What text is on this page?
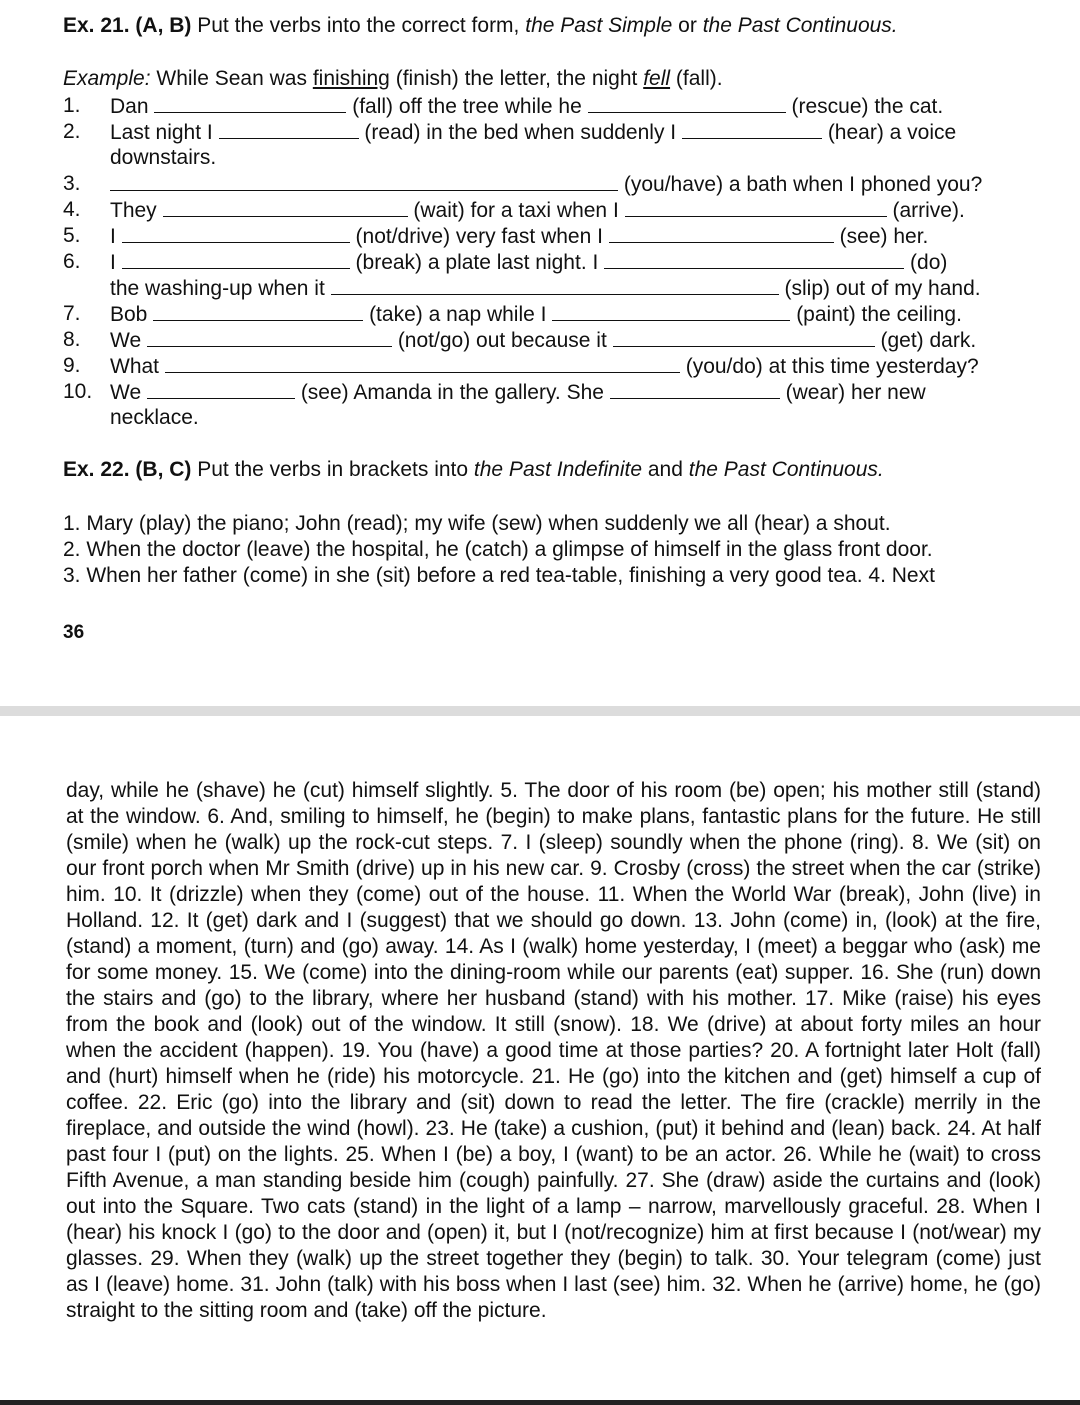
Ex. 21. (A, B) Put the verbs into the correct form, the Past Simple or the Past Continuous.
Example: While Sean was finishing (finish) the letter, the night fell (fall).
1. Dan	(fall) off the tree while he	(rescue) the cat.
2. Last night I	(read) in the bed when suddenly I	(hear) a voice
downstairs.
3.	(you/have) a bath when I phoned you?
4. They	(wait) for a taxi when I	(arrive).
5. I	(not/drive) very fast when I	(see) her.
6. I	(break) a plate last night. I	(do)
the washing-up when it	(slip) out of my hand.
7. Bob	(take) a nap while I	(paint) the ceiling.
8. We	(not/go) out because it	(get) dark.
9. What	(you/do) at this time yesterday?
10. We	(see) Amanda in the gallery. She	(wear) her new
necklace.
Ex. 22. (B, C) Put the verbs in brackets into the Past Indefinite and the Past Continuous.
1. Mary (play) the piano; John (read); my wife (sew) when suddenly we all (hear) a shout.
2. When the doctor (leave) the hospital, he (catch) a glimpse of himself in the glass front door.
3. When her father (come) in she (sit) before a red tea-table, finishing a very good tea. 4. Next
36

day, while he (shave) he (cut) himself slightly. 5. The door of his room (be) open; his mother still (stand) at the window. 6. And, smiling to himself, he (begin) to make plans, fantastic plans for the future. He still (smile) when he (walk) up the rock-cut steps. 7. I (sleep) soundly when the phone (ring). 8. We (sit) on our front porch when Mr Smith (drive) up in his new car. 9. Crosby (cross) the street when the car (strike) him. 10. It (drizzle) when they (come) out of the house. 11. When the World War (break), John (live) in Holland. 12. It (get) dark and I (suggest) that we should go down. 13. John (come) in, (look) at the fire, (stand) a moment, (turn) and (go) away. 14. As I (walk) home yesterday, I (meet) a beggar who (ask) me for some money. 15. We (come) into the dining-room while our parents (eat) supper. 16. She (run) down the stairs and (go) to the library, where her husband (stand) with his mother. 17. Mike (raise) his eyes from the book and (look) out of the window. It still (snow). 18. We (drive) at about forty miles an hour when the accident (happen). 19. You (have) a good time at those parties? 20. A fortnight later Holt (fall) and (hurt) himself when he (ride) his motorcycle. 21. He (go) into the kitchen and (get) himself a cup of coffee. 22. Eric (go) into the library and (sit) down to read the letter. The fire (crackle) merrily in the fireplace, and outside the wind (howl). 23. He (take) a cushion, (put) it behind and (lean) back. 24. At half past four I (put) on the lights. 25. When I (be) a boy, I (want) to be an actor. 26. While he (wait) to cross Fifth Avenue, a man standing beside him (cough) painfully. 27. She (draw) aside the curtains and (look) out into the Square. Two cats (stand) in the light of a lamp – narrow, marvellously graceful. 28. When I (hear) his knock I (go) to the door and (open) it, but I (not/recognize) him at first because I (not/wear) my glasses. 29. When they (walk) up the street together they (begin) to talk. 30. Your telegram (come) just as I (leave) home. 31. John (talk) with his boss when I last (see) him. 32. When he (arrive) home, he (go) straight to the sitting room and (take) off the picture.
